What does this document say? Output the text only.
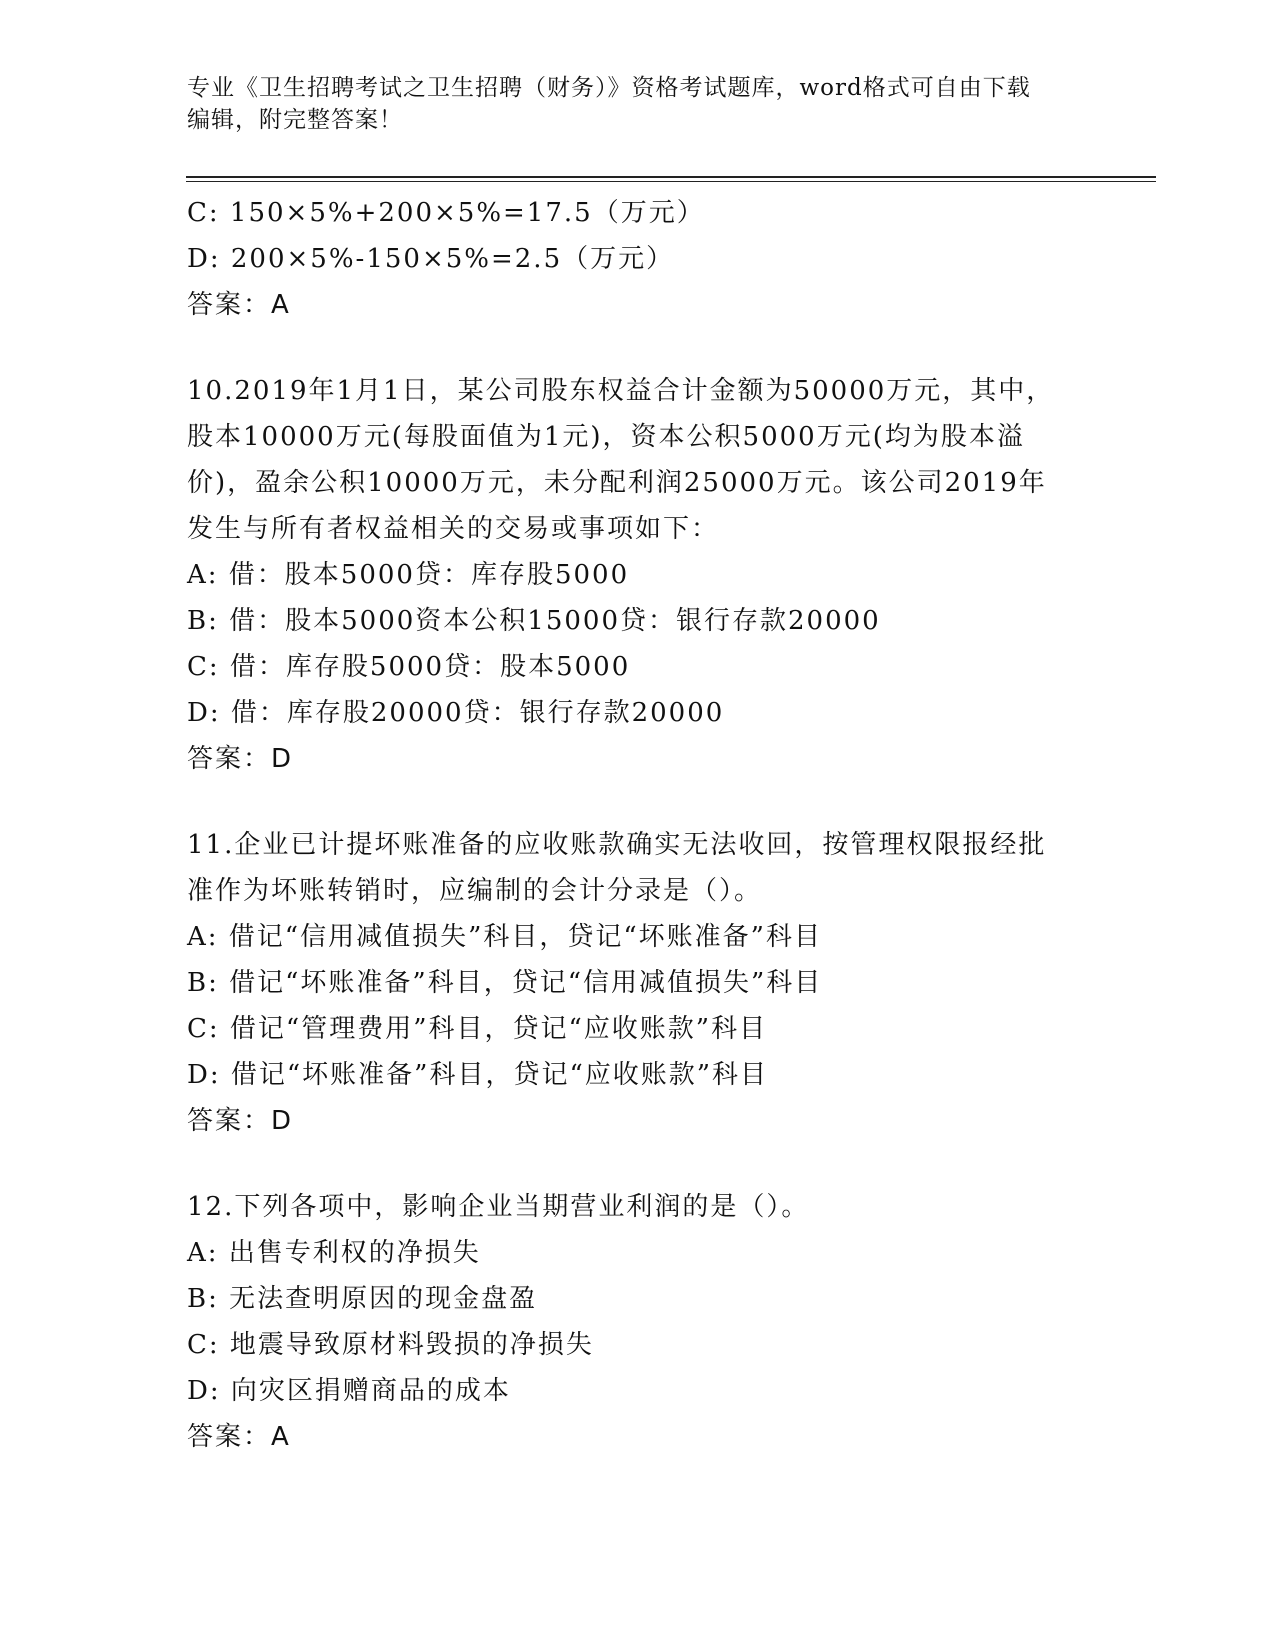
专业《卫生招聘考试之卫生招聘（财务）》资格考试题库，word格式可自由下载
编辑，附完整答案！
C: 150×5%+200×5%=17.5（万元）
D: 200×5%-150×5%=2.5（万元）
答案：A
10.2019年1月1日，某公司股东权益合计金额为50000万元，其中，
股本10000万元(每股面值为1元)，资本公积5000万元(均为股本溢
价)，盈余公积10000万元，未分配利润25000万元。该公司2019年
发生与所有者权益相关的交易或事项如下：
A: 借：股本5000贷：库存股5000
B: 借：股本5000资本公积15000贷：银行存款20000
C: 借：库存股5000贷：股本5000
D: 借：库存股20000贷：银行存款20000
答案：D
11.企业已计提坏账准备的应收账款确实无法收回，按管理权限报经批
准作为坏账转销时，应编制的会计分录是（）。
A: 借记“信用减值损失”科目，贷记“坏账准备”科目
B: 借记“坏账准备”科目，贷记“信用减值损失”科目
C: 借记“管理费用”科目，贷记“应收账款”科目
D: 借记“坏账准备”科目，贷记“应收账款”科目
答案：D
12.下列各项中，影响企业当期营业利润的是（）。
A: 出售专利权的净损失
B: 无法查明原因的现金盘盈
C: 地震导致原材料毁损的净损失
D: 向灾区捐赠商品的成本
答案：A
